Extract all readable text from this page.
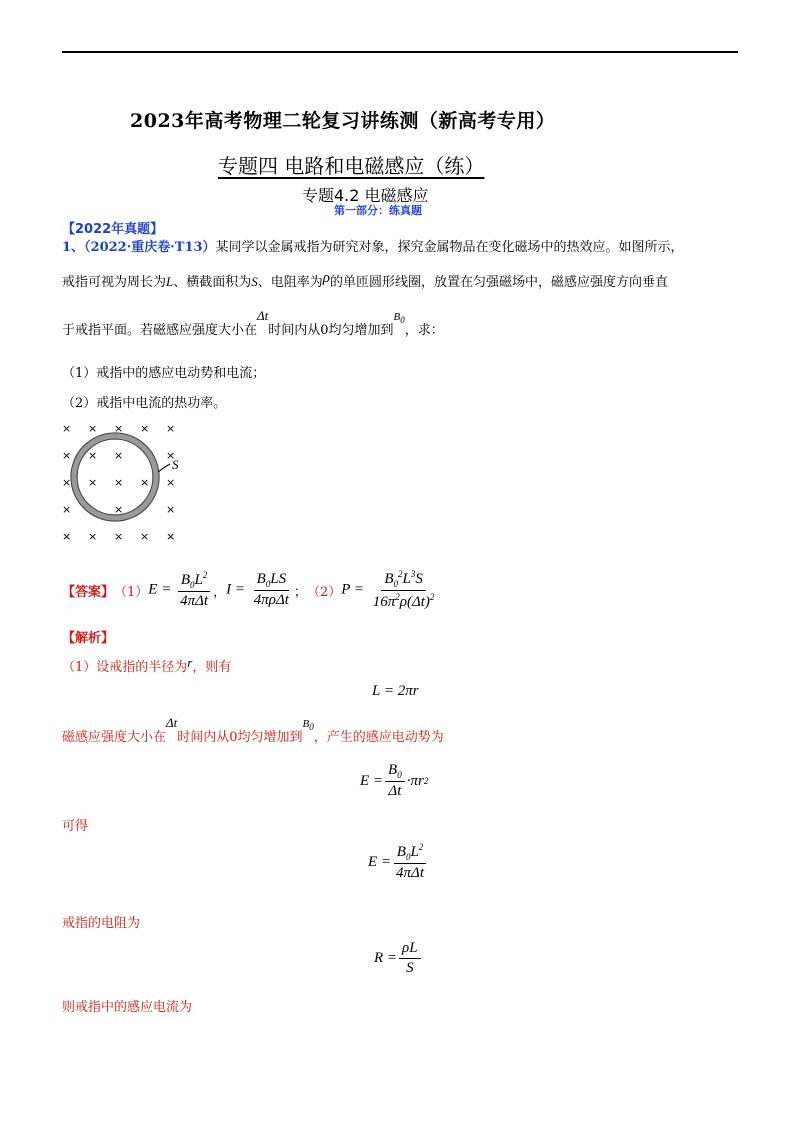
2023年高考物理二轮复习讲练测（新高考专用）
专题四 电路和电磁感应（练）
专题4.2 电磁感应
第一部分：练真题
【2022年真题】
1、（2022·重庆卷·T13）某同学以金属戒指为研究对象，探究金属物品在变化磁场中的热效应。如图所示，
戒指可视为周长为L、横截面积为S、电阻率为ρ的单匝圆形线圈，放置在匀强磁场中，磁感应强度方向垂直
于戒指平面。若磁感应强度大小在Δt时间内从0均匀增加到$^{B_0}$，求：
（1）戒指中的感应电动势和电流；
（2）戒指中电流的热功率。
S
× × × × ×
× × ×	×
× × × × ×
×	×	×
× × × × ×
【答案】 （1） $E = \frac{B_0L^2}{\text{4πΔt}}$ ， $I = \frac{B_0LS}{\text{4πρΔt}}$ ； （2） $P = \frac{B_0^2L^3S}{16\pi^2\rho(\Delta t)^2}$
【解析】
（1）设戒指的半径为r，则有
L = 2πr
磁感应强度大小在Δt时间内从0均匀增加到$^{B_0}$，产生的感应电动势为
$E = \frac{B_0}{\Delta t} \cdot\pi r$ 2
可得
$E = \frac{B_0L^2}{\text{4πΔt}}$
戒指的电阻为
$R = \frac{\rho L}{S}$
则戒指中的感应电流为
